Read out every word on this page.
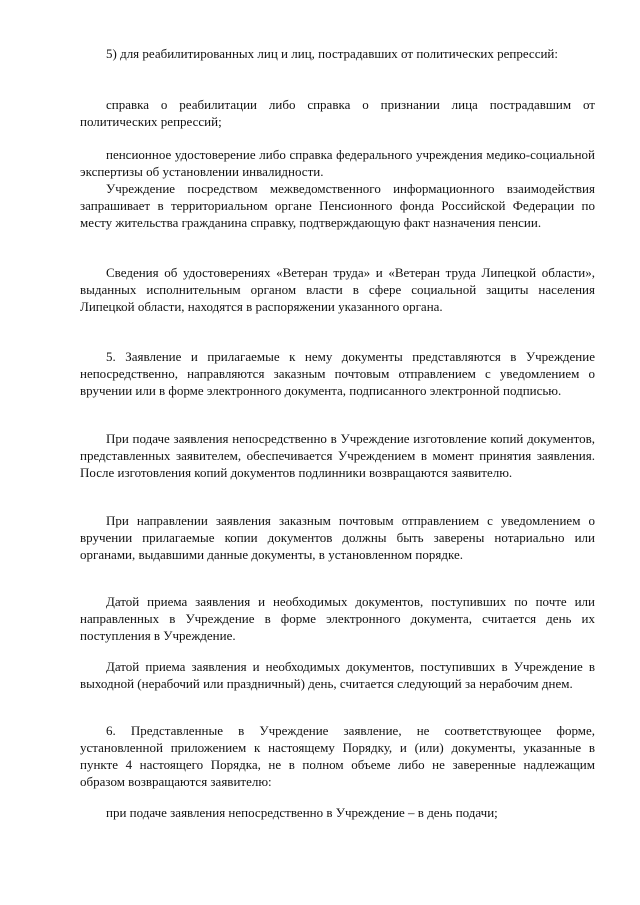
5) для реабилитированных лиц и лиц, пострадавших от политических репрессий:

справка о реабилитации либо справка о признании лица пострадавшим от политических репрессий;

пенсионное удостоверение либо справка федерального учреждения медико-социальной экспертизы об установлении инвалидности.

Учреждение посредством межведомственного информационного взаимодействия запрашивает в территориальном органе Пенсионного фонда Российской Федерации по месту жительства гражданина справку, подтверждающую факт назначения пенсии.

Сведения об удостоверениях «Ветеран труда» и «Ветеран труда Липецкой области», выданных исполнительным органом власти в сфере социальной защиты населения Липецкой области, находятся в распоряжении указанного органа.

5. Заявление и прилагаемые к нему документы представляются в Учреждение непосредственно, направляются заказным почтовым отправлением с уведомлением о вручении или в форме электронного документа, подписанного электронной подписью.

При подаче заявления непосредственно в Учреждение изготовление копий документов, представленных заявителем, обеспечивается Учреждением в момент принятия заявления. После изготовления копий документов подлинники возвращаются заявителю.

При направлении заявления заказным почтовым отправлением с уведомлением о вручении прилагаемые копии документов должны быть заверены нотариально или органами, выдавшими данные документы, в установленном порядке.

Датой приема заявления и необходимых документов, поступивших по почте или направленных в Учреждение в форме электронного документа, считается день их поступления в Учреждение.

Датой приема заявления и необходимых документов, поступивших в Учреждение в выходной (нерабочий или праздничный) день, считается следующий за нерабочим днем.

6. Представленные в Учреждение заявление, не соответствующее форме, установленной приложением к настоящему Порядку, и (или) документы, указанные в пункте 4 настоящего Порядка, не в полном объеме либо не заверенные надлежащим образом возвращаются заявителю:

при подаче заявления непосредственно в Учреждение – в день подачи;
